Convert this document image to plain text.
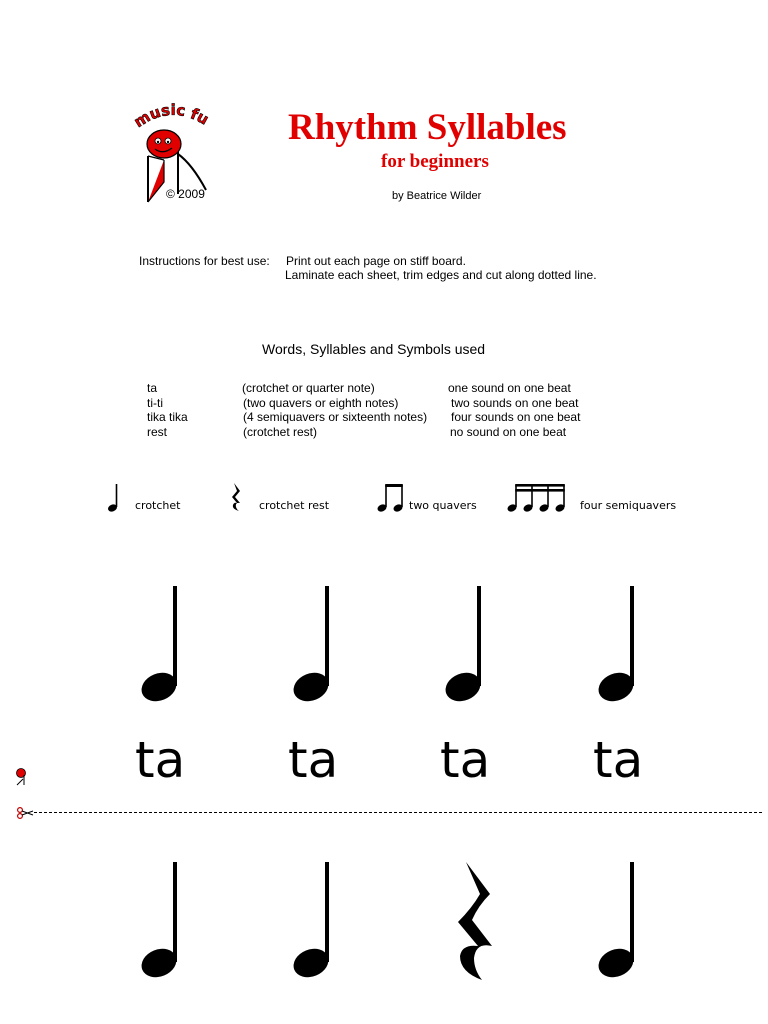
music fu
© 2009
Rhythm Syllables
for beginners
by Beatrice Wilder
Instructions for best use: Print out each page on stiff board.
Laminate each sheet, trim edges and cut along dotted line.
Words, Syllables and Symbols used
ta	(crotchet or quarter note)	one sound on one beat
ti-ti	(two quavers or eighth notes)	two sounds on one beat
tika tika	(4 semiquavers or sixteenth notes) four sounds on one beat
rest	(crotchet rest)	no sound on one beat
crotchet	crotchet rest	two quavers	four semiquavers
ta ta ta ta
